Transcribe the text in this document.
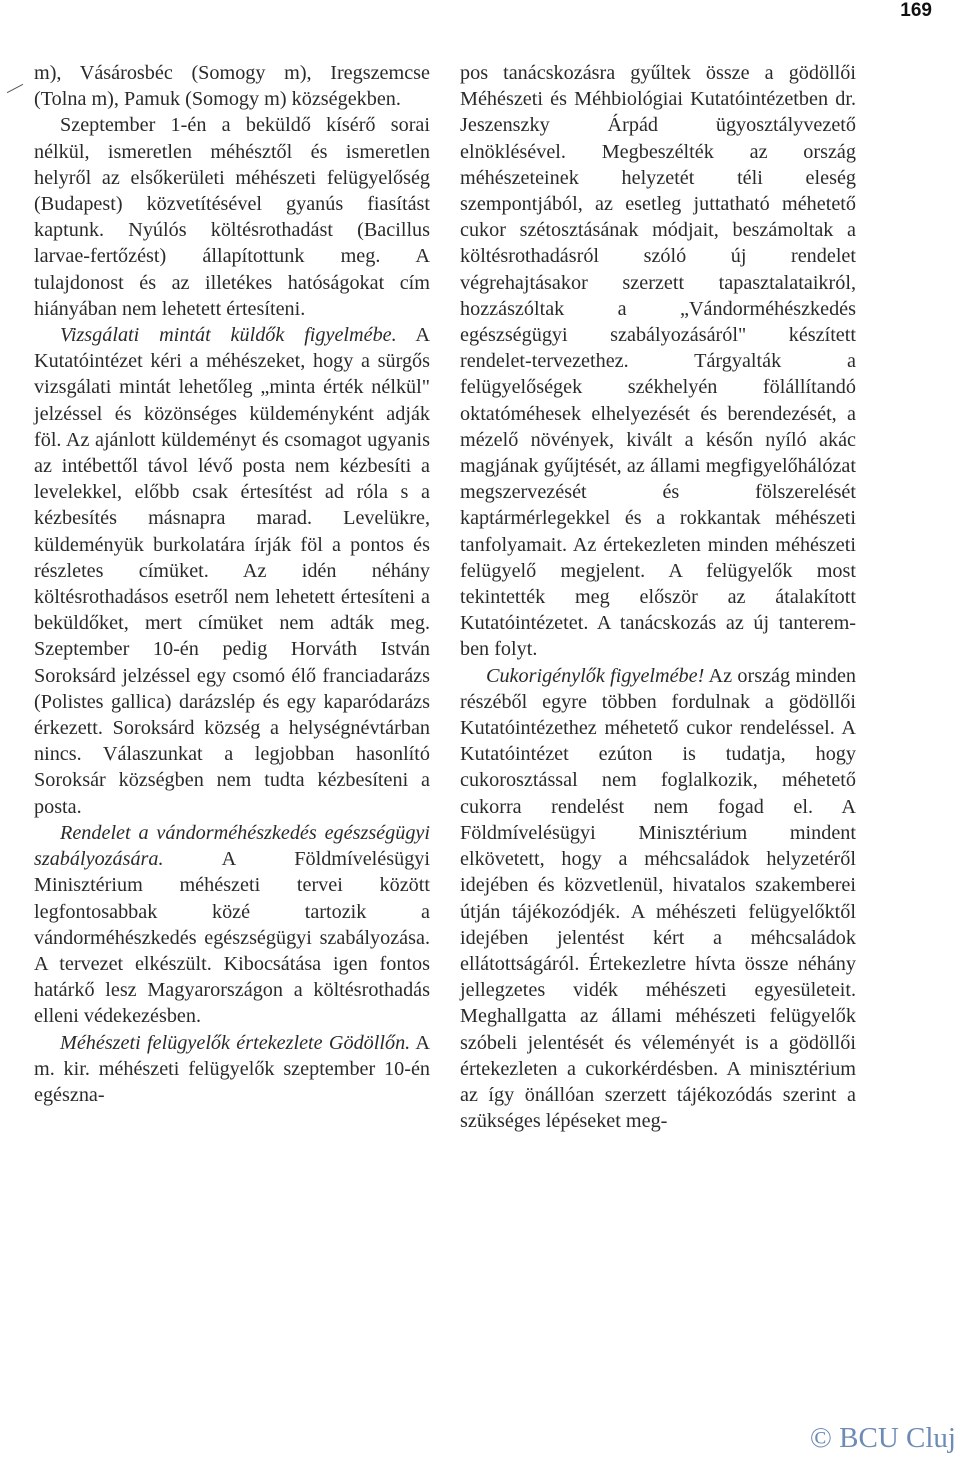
169

m), Vásárosbéc (Somogy m), Iregszemcse (Tolna m), Pamuk (Somogy m) községekben.

Szeptember 1-én a beküldő kísérő sorai nélkül, ismeretlen méhésztől és ismeretlen helyről az elsőkerületi méhészeti felügyelőség (Budapest) közvetítésével gyanús fiasítást kaptunk. Nyúlós költésrothadást (Bacillus larvae-fertőzést) állapítottunk meg. A tulajdonost és az illetékes hatóságokat cím hiányában nem lehetett értesíteni.

Vizsgálati mintát küldők figyelmébe. A Kutatóintézet kéri a méhészeket, hogy a sürgős vizsgálati mintát lehetőleg „minta érték nélkül" jelzéssel és közönséges küldeményként adják föl. Az ajánlott küldeményt és csomagot ugyanis az intébettől távol lévő posta nem kézbesíti a levelekkel, előbb csak értesítést ad róla s a kézbesítés másnapra marad. Levelükre, küldeményük burkolatára írják föl a pontos és részletes címüket. Az idén néhány költésrothadásos esetről nem lehetett értesíteni a beküldőket, mert címüket nem adták meg. Szeptember 10-én pedig Horváth István Soroksárd jelzéssel egy csomó élő franciadarázs (Polistes gallica) darázslép és egy kaparódarázs érkezett. Soroksárd község a helységnévtárban nincs. Válaszunkat a legjobban hasonlító Soroksár községben nem tudta kézbesíteni a posta.

Rendelet a vándorméhészkedés egészségügyi szabályozására. A Földmívelésügyi Minisztérium méhészeti tervei között legfontosabbak közé tartozik a vándorméhészkedés egészségügyi szabályozása. A tervezet elkészült. Kibocsátása igen fontos határkő lesz Magyarországon a költésrothadás elleni védekezésben.

Méhészeti felügyelők értekezlete Gödöllőn. A m. kir. méhészeti felügyelők szeptember 10-én egészna-

pos tanácskozásra gyűltek össze a gödöllői Méhészeti és Méhbiológiai Kutatóintézetben dr. Jeszenszky Árpád ügyosztályvezető elnöklésével. Megbeszélték az ország méhészeteinek helyzetét téli eleség szempontjából, az esetleg juttatható méhetető cukor szétosztásának módjait, beszámoltak a költésrothadásról szóló új rendelet végrehajtásakor szerzett tapasztalataikról, hozzászóltak a „Vándorméhészkedés egészségügyi szabályozásáról" készített rendelet-tervezethez. Tárgyalták a felügyelőségek székhelyén fölállítandó oktatóméhesek elhelyezését és berendezését, a mézelő növények, kivált a későn nyíló akác magjának gyűjtését, az állami megfigyelőhálózat megszervezését és fölszerelését kaptármérlegekkel és a rokkantak méhészeti tanfolyamait. Az értekezleten minden méhészeti felügyelő megjelent. A felügyelők most tekintették meg először az átalakított Kutatóintézetet. A tanácskozás az új tanterem-ben folyt.

Cukorigénylők figyelmébe! Az ország minden részéből egyre többen fordulnak a gödöllői Kutatóintézethez méhetető cukor rendeléssel. A Kutatóintézet ezúton is tudatja, hogy cukorosztással nem foglalkozik, méhetető cukorra rendelést nem fogad el. A Földmívelésügyi Minisztérium mindent elkövetett, hogy a méhcsaládok helyzetéről idejében és közvetlenül, hivatalos szakemberei útján tájékozódjék. A méhészeti felügyelőktől idejében jelentést kért a méhcsaládok ellátottságáról. Értekezletre hívta össze néhány jellegzetes vidék méhészeti egyesületeit. Meghallgatta az állami méhészeti felügyelők szóbeli jelentését és véleményét is a gödöllői értekezleten a cukorkérdésben. A minisztérium az így önállóan szerzett tájékozódás szerint a szükséges lépéseket meg-

© BCU Cluj
